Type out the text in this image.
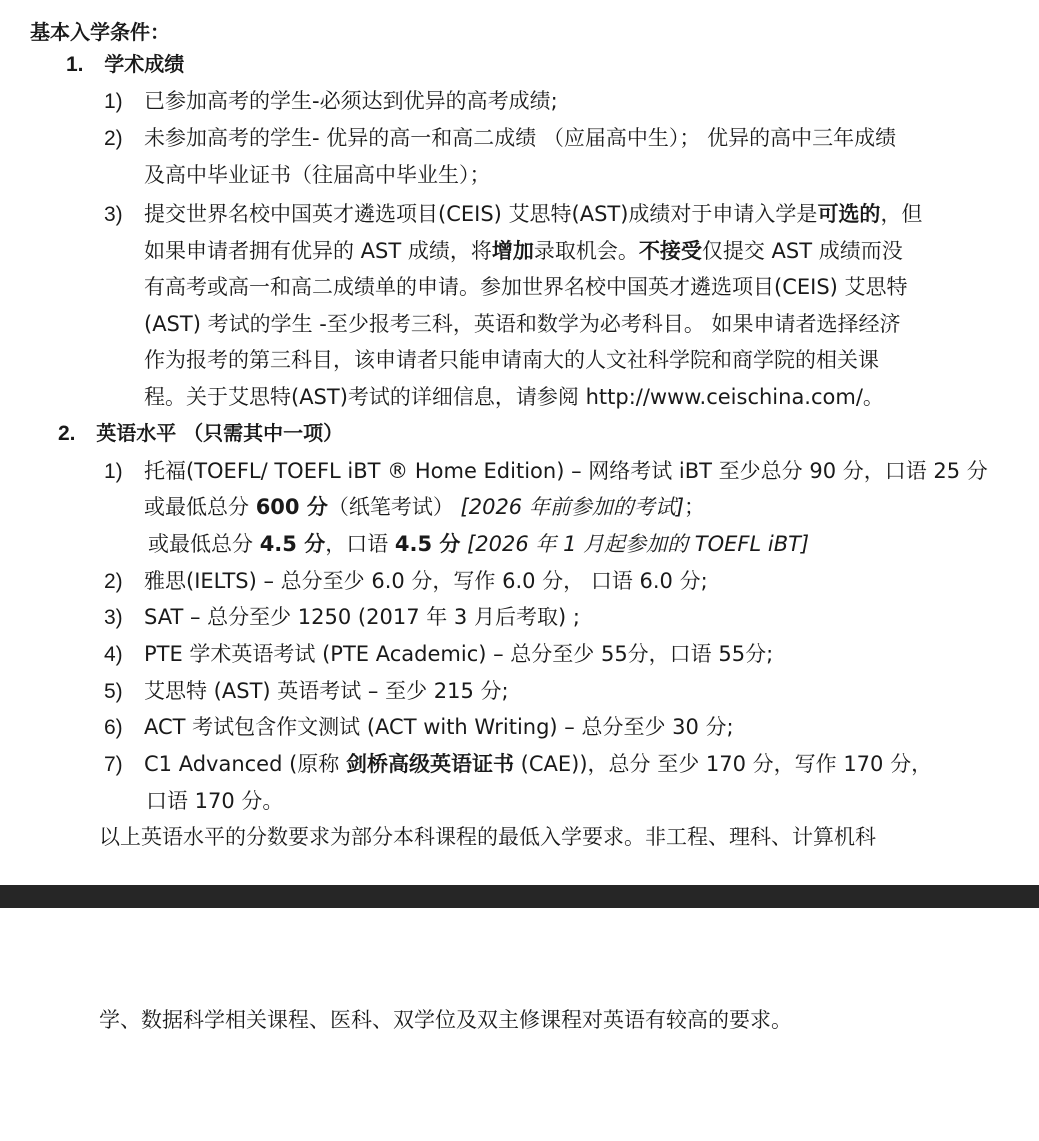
基本入学条件：
1. 学术成绩
1) 已参加高考的学生-必须达到优异的高考成绩;
2) 未参加高考的学生- 优异的高一和高二成绩 （应届高中生）； 优异的高中三年成绩
及高中毕业证书（往届高中毕业生）；
3) 提交世界名校中国英才遴选项目(CEIS) 艾思特(AST)成绩对于申请入学是可选的，但
如果申请者拥有优异的 AST 成绩，将增加录取机会。不接受仅提交 AST 成绩而没
有高考或高一和高二成绩单的申请。参加世界名校中国英才遴选项目(CEIS) 艾思特
(AST) 考试的学生 -至少报考三科，英语和数学为必考科目。 如果申请者选择经济
作为报考的第三科目，该申请者只能申请南大的人文社科学院和商学院的相关课
程。关于艾思特(AST)考试的详细信息，请参阅 http://www.ceischina.com/。
2. 英语水平 （只需其中一项）
1) 托福(TOEFL/ TOEFL iBT ® Home Edition) – 网络考试 iBT 至少总分 90 分，口语 25 分
或最低总分 600 分（纸笔考试） [2026 年前参加的考试]；
或最低总分 4.5 分，口语 4.5 分 [2026 年 1 月起参加的 TOEFL iBT]
2) 雅思(IELTS) – 总分至少 6.0 分，写作 6.0 分， 口语 6.0 分;
3) SAT – 总分至少 1250 (2017 年 3 月后考取) ;
4) PTE 学术英语考试 (PTE Academic) – 总分至少 55分，口语 55分;
5) 艾思特 (AST) 英语考试 – 至少 215 分;
6) ACT 考试包含作文测试 (ACT with Writing) – 总分至少 30 分;
7) C1 Advanced (原称 剑桥高级英语证书 (CAE))，总分 至少 170 分，写作 170 分，
口语 170 分。
以上英语水平的分数要求为部分本科课程的最低入学要求。非工程、理科、计算机科
学、数据科学相关课程、医科、双学位及双主修课程对英语有较高的要求。
